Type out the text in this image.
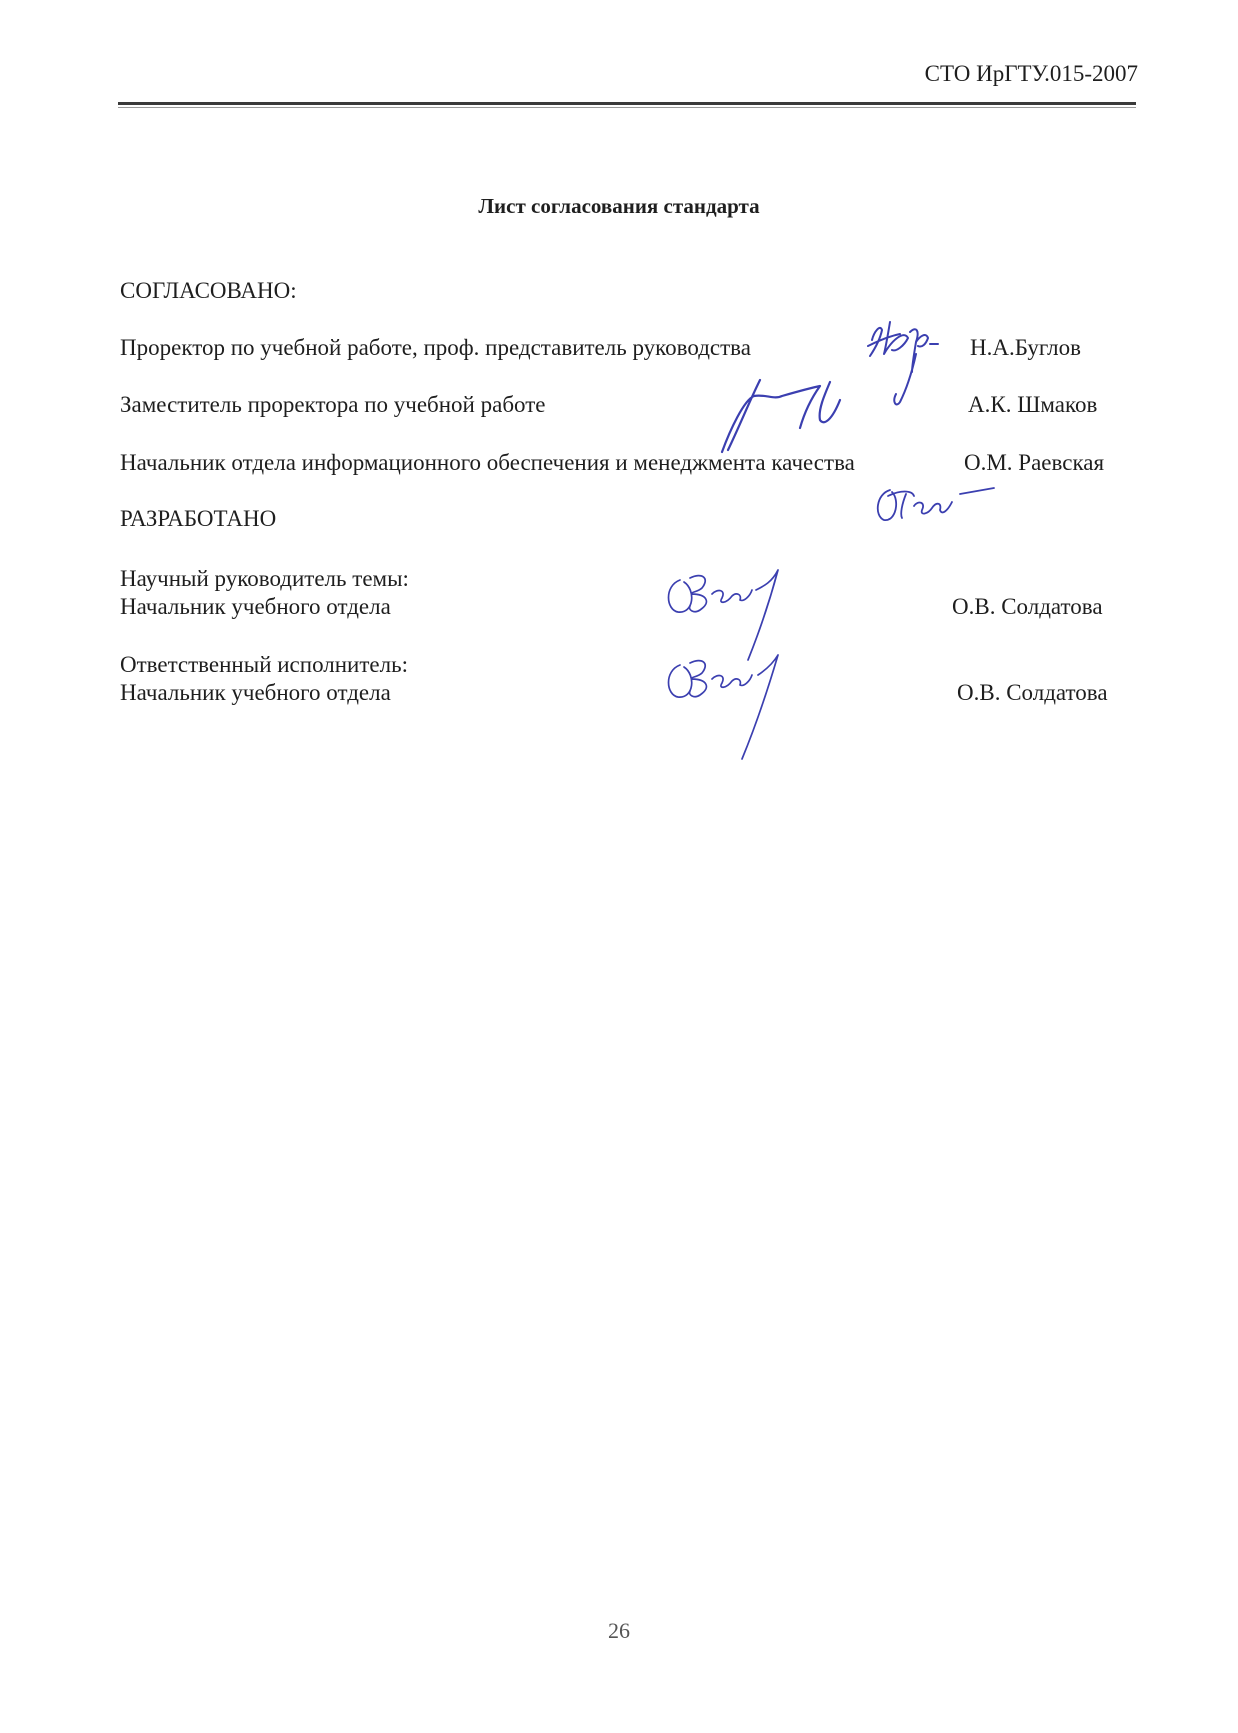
СТО ИрГТУ.015-2007
Лист согласования стандарта
СОГЛАСОВАНО:
Проректор по учебной работе, проф. представитель руководства	Н.А.Буглов
Заместитель проректора по учебной работе	А.К. Шмаков
Начальник отдела информационного обеспечения и менеджмента качества	О.М. Раевская
РАЗРАБОТАНО
Научный руководитель темы:
Начальник учебного отдела	О.В. Солдатова
Ответственный исполнитель:
Начальник учебного отдела	О.В. Солдатова
26
